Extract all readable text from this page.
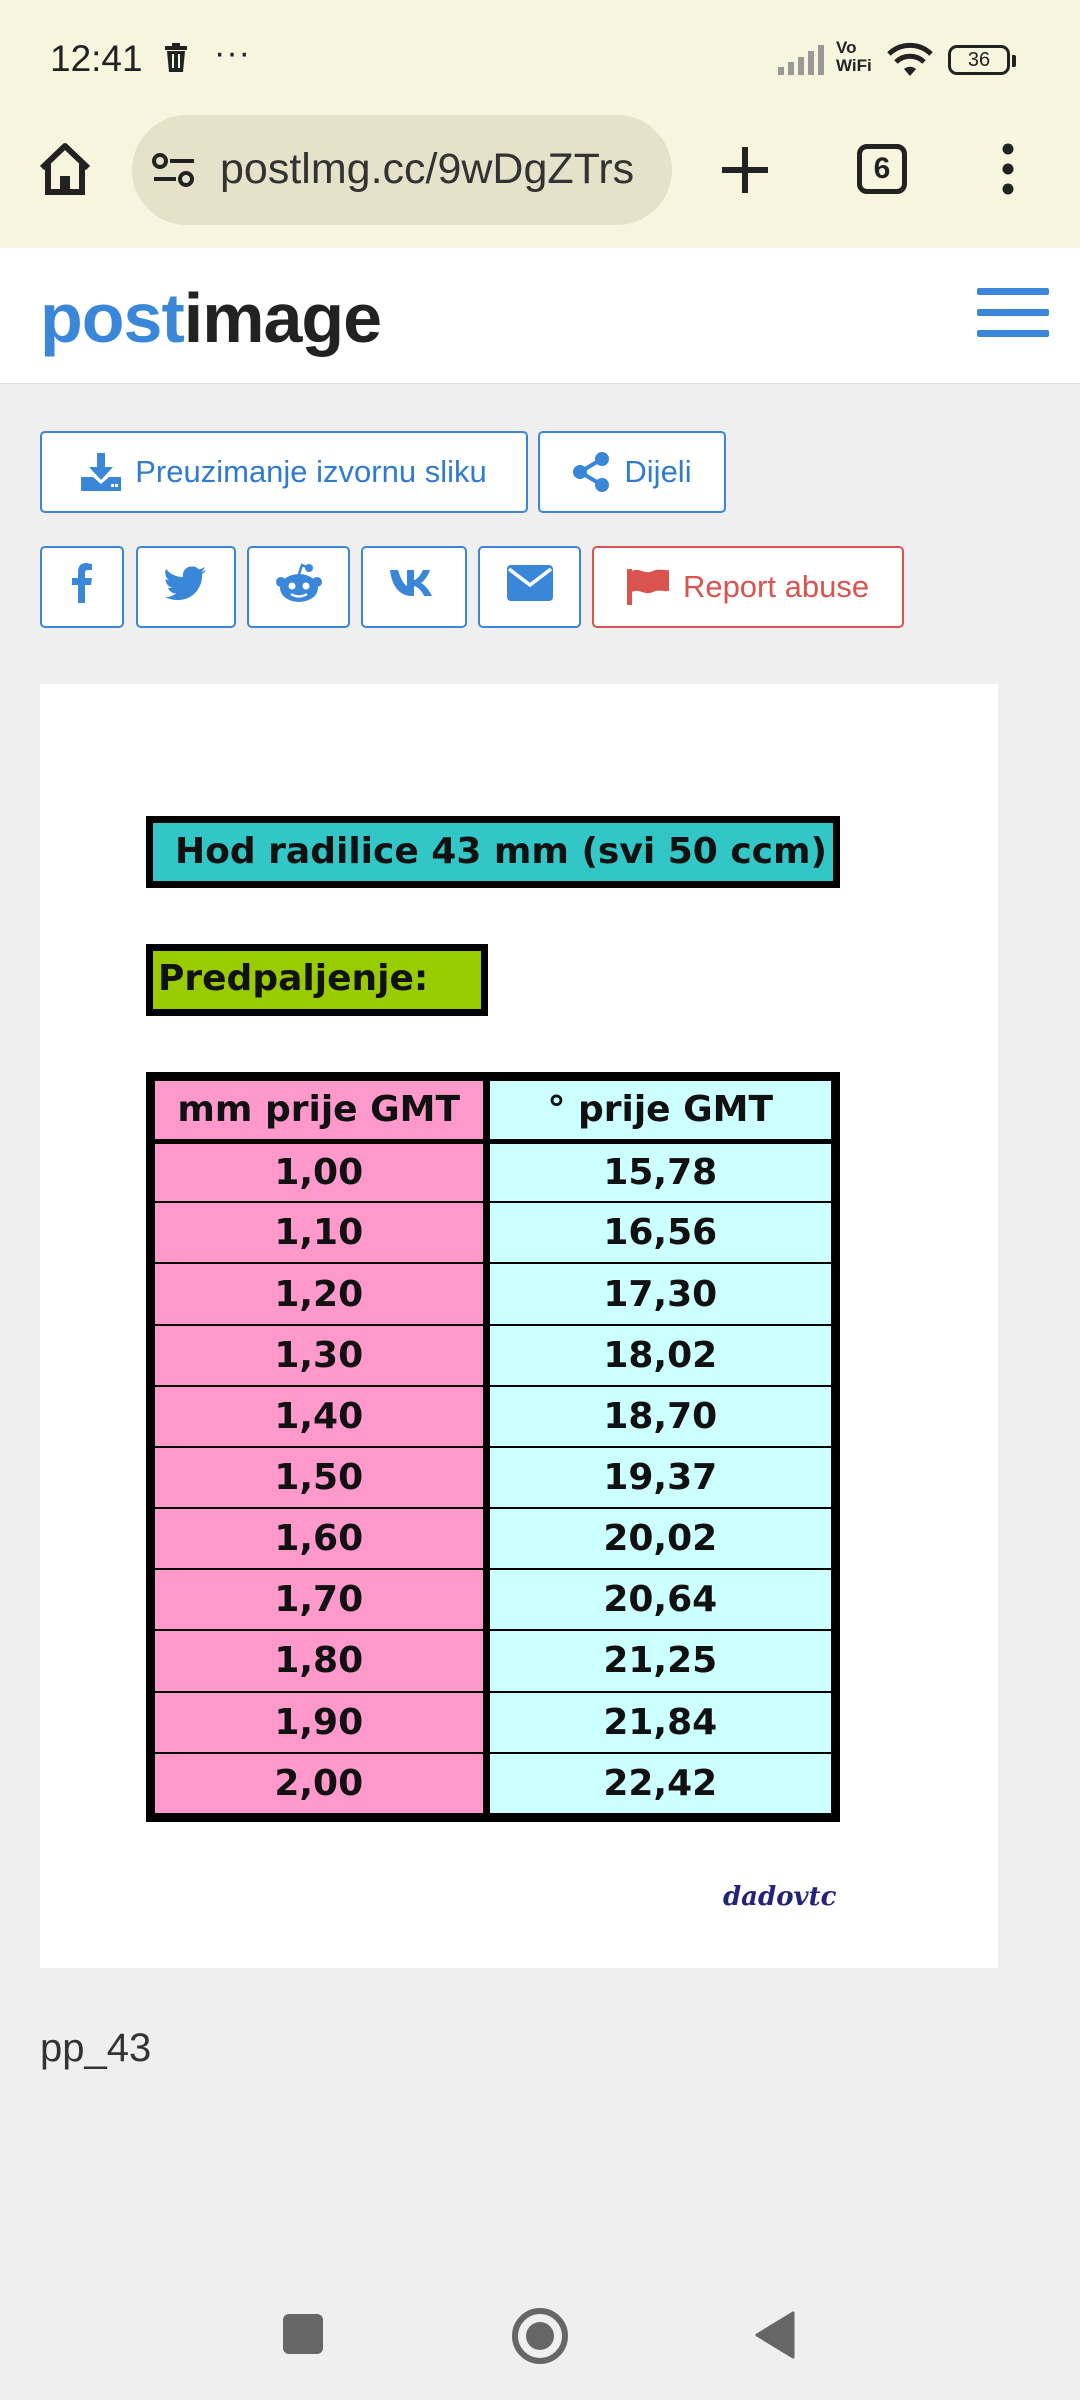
12:41 ···	Vo
WiFi	36
postlmg.cc/9wDgZTrs	6
postimage
Preuzimanje izvornu sliku	Dijeli
Report abuse
Hod radilice 43 mm (svi 50 ccm)
Predpaljenje:
mm prije GMT	° prije GMT
1,00	15,78
1,10	16,56
1,20	17,30
1,30	18,02
1,40	18,70
1,50	19,37
1,60	20,02
1,70	20,64
1,80	21,25
1,90	21,84
2,00	22,42
dadovtc
pp_43
